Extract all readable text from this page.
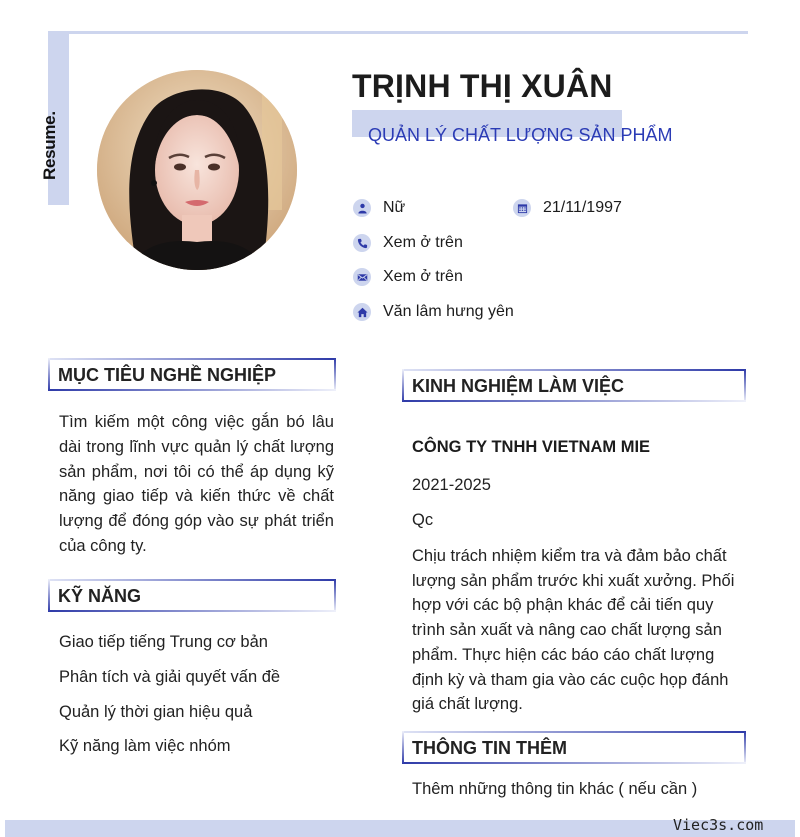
Resume.
TRỊNH THỊ XUÂN
QUẢN LÝ CHẤT LƯỢNG SẢN PHẨM
Nữ	21/11/1997
Xem ở trên
Xem ở trên
Văn lâm hưng yên
MỤC TIÊU NGHỀ NGHIỆP
Tìm kiếm một công việc gắn bó lâu dài trong lĩnh vực quản lý chất lượng sản phẩm, nơi tôi có thể áp dụng kỹ năng giao tiếp và kiến thức về chất lượng để đóng góp vào sự phát triển của công ty.
KỸ NĂNG
Giao tiếp tiếng Trung cơ bản
Phân tích và giải quyết vấn đề
Quản lý thời gian hiệu quả
Kỹ năng làm việc nhóm
KINH NGHIỆM LÀM VIỆC
CÔNG TY TNHH VIETNAM MIE
2021-2025
Qc
Chịu trách nhiệm kiểm tra và đảm bảo chất lượng sản phẩm trước khi xuất xưởng. Phối hợp với các bộ phận khác để cải tiến quy trình sản xuất và nâng cao chất lượng sản phẩm. Thực hiện các báo cáo chất lượng định kỳ và tham gia vào các cuộc họp đánh giá chất lượng.
THÔNG TIN THÊM
Thêm những thông tin khác ( nếu cần )
Viec3s.com
